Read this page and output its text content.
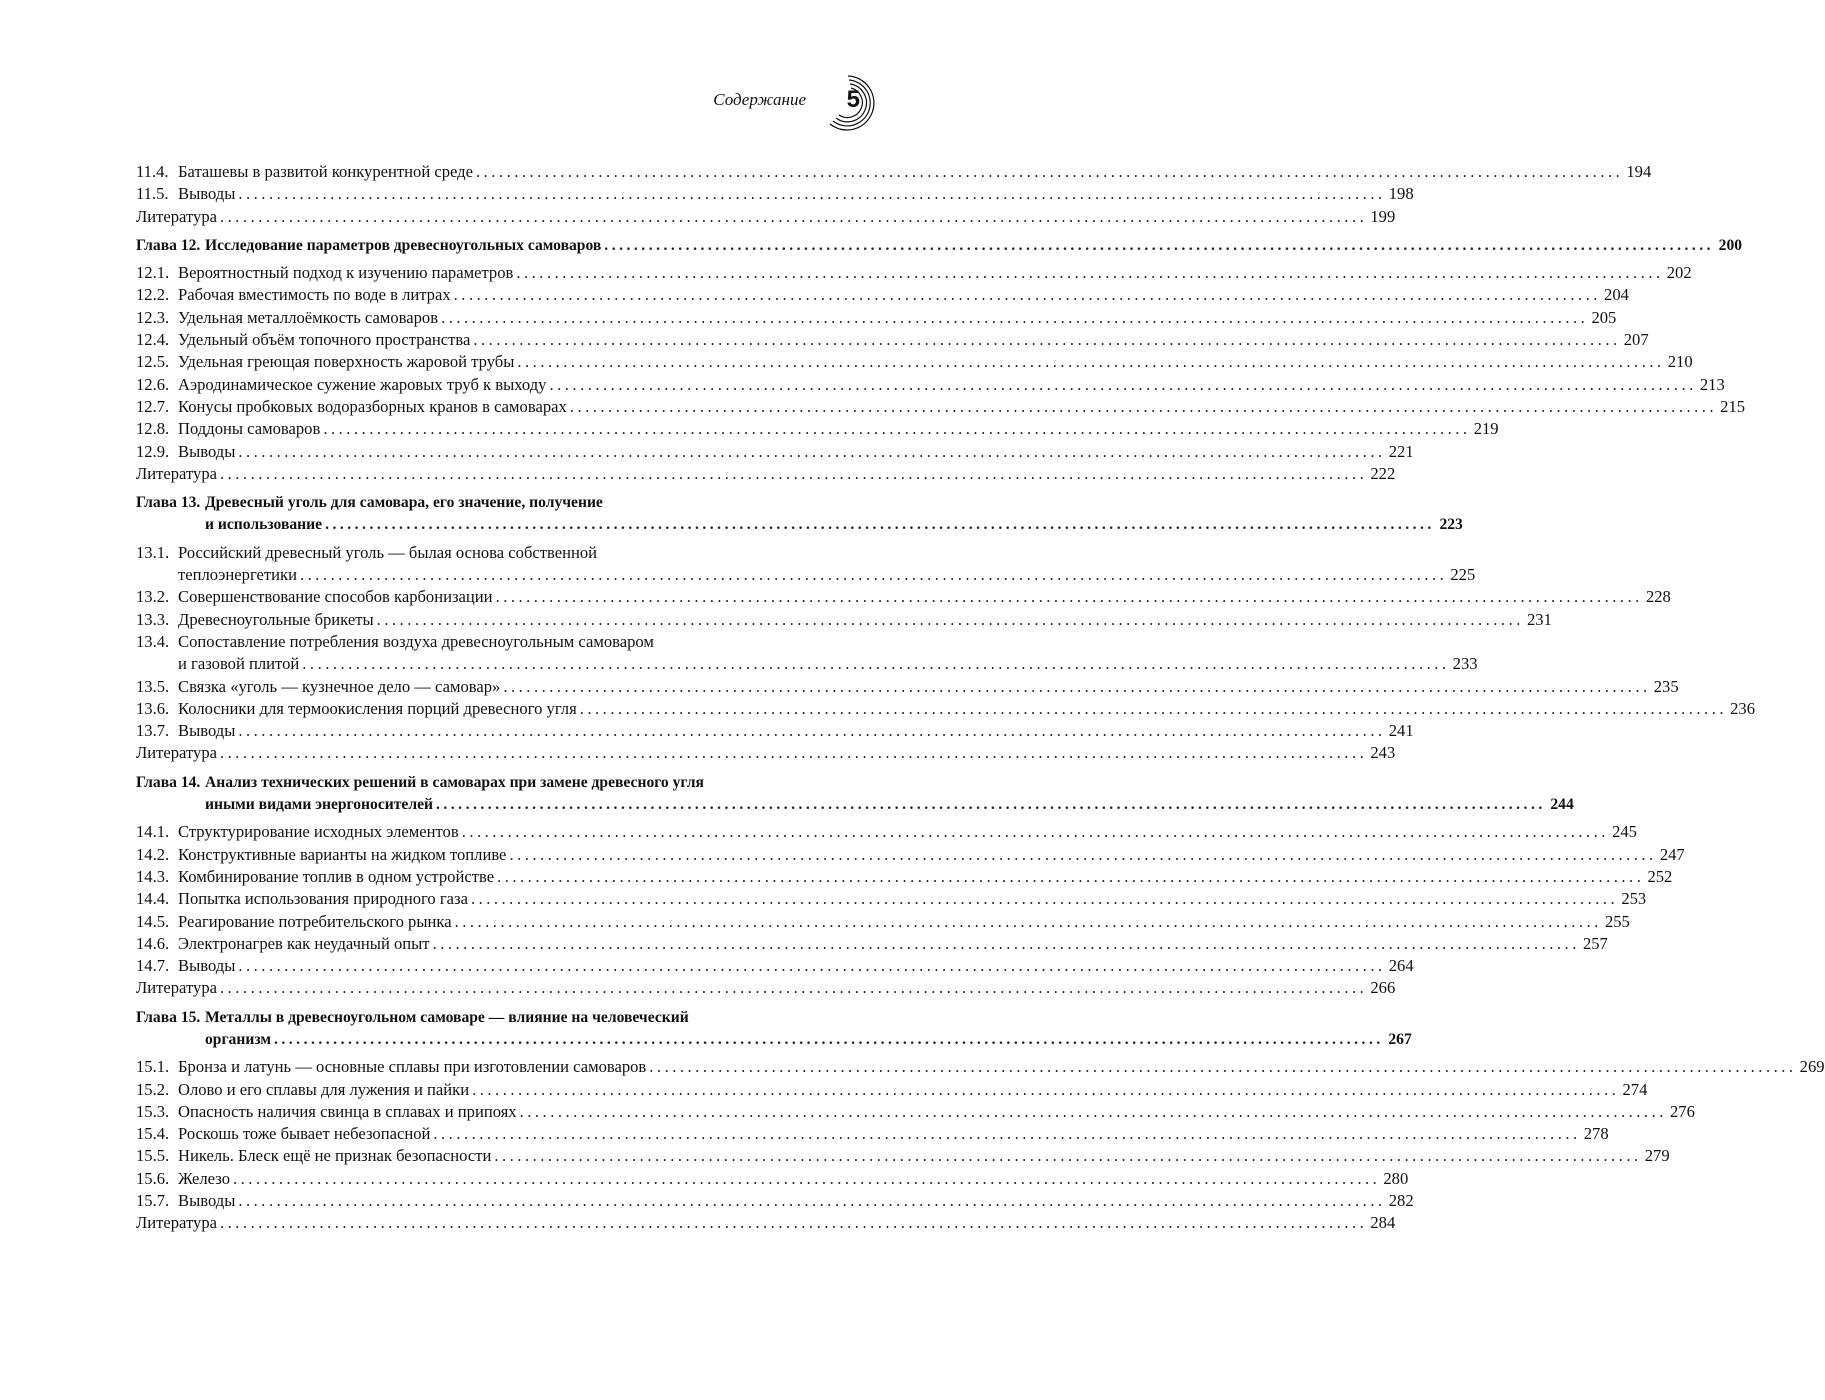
Содержание 5
11.4. Баташевы в развитой конкурентной среде ...................................................................................................................................................... 194
11.5. Выводы ...................................................................................................................................................... 198
Литература ...................................................................................................................................................... 199
Глава 12. Исследование параметров древесноугольных самоваров ...................................................................................................................................................... 200
12.1. Вероятностный подход к изучению параметров ...................................................................................................................................................... 202
12.2. Рабочая вместимость по воде в литрах ...................................................................................................................................................... 204
12.3. Удельная металлоёмкость самоваров ...................................................................................................................................................... 205
12.4. Удельный объём топочного пространства ...................................................................................................................................................... 207
12.5. Удельная греющая поверхность жаровой трубы ...................................................................................................................................................... 210
12.6. Аэродинамическое сужение жаровых труб к выходу ...................................................................................................................................................... 213
12.7. Конусы пробковых водоразборных кранов в самоварах ...................................................................................................................................................... 215
12.8. Поддоны самоваров ...................................................................................................................................................... 219
12.9. Выводы ...................................................................................................................................................... 221
Литература ...................................................................................................................................................... 222
Глава 13. Древесный уголь для самовара, его значение, получение
и использование ...................................................................................................................................................... 223
13.1. Российский древесный уголь — былая основа собственной
теплоэнергетики ...................................................................................................................................................... 225
13.2. Совершенствование способов карбонизации ...................................................................................................................................................... 228
13.3. Древесноугольные брикеты ...................................................................................................................................................... 231
13.4. Сопоставление потребления воздуха древесноугольным самоваром
и газовой плитой ...................................................................................................................................................... 233
13.5. Связка «уголь — кузнечное дело — самовар» ...................................................................................................................................................... 235
13.6. Колосники для термоокисления порций древесного угля ...................................................................................................................................................... 236
13.7. Выводы ...................................................................................................................................................... 241
Литература ...................................................................................................................................................... 243
Глава 14. Анализ технических решений в самоварах при замене древесного угля
иными видами энергоносителей ...................................................................................................................................................... 244
14.1. Структурирование исходных элементов ...................................................................................................................................................... 245
14.2. Конструктивные варианты на жидком топливе ...................................................................................................................................................... 247
14.3. Комбинирование топлив в одном устройстве ...................................................................................................................................................... 252
14.4. Попытка использования природного газа ...................................................................................................................................................... 253
14.5. Реагирование потребительского рынка ...................................................................................................................................................... 255
14.6. Электронагрев как неудачный опыт ...................................................................................................................................................... 257
14.7. Выводы ...................................................................................................................................................... 264
Литература ...................................................................................................................................................... 266
Глава 15. Металлы в древесноугольном самоваре — влияние на человеческий
организм ...................................................................................................................................................... 267
15.1. Бронза и латунь — основные сплавы при изготовлении самоваров ...................................................................................................................................................... 269
15.2. Олово и его сплавы для лужения и пайки ...................................................................................................................................................... 274
15.3. Опасность наличия свинца в сплавах и припоях ...................................................................................................................................................... 276
15.4. Роскошь тоже бывает небезопасной ...................................................................................................................................................... 278
15.5. Никель. Блеск ещё не признак безопасности ...................................................................................................................................................... 279
15.6. Железо ...................................................................................................................................................... 280
15.7. Выводы ...................................................................................................................................................... 282
Литература ...................................................................................................................................................... 284
